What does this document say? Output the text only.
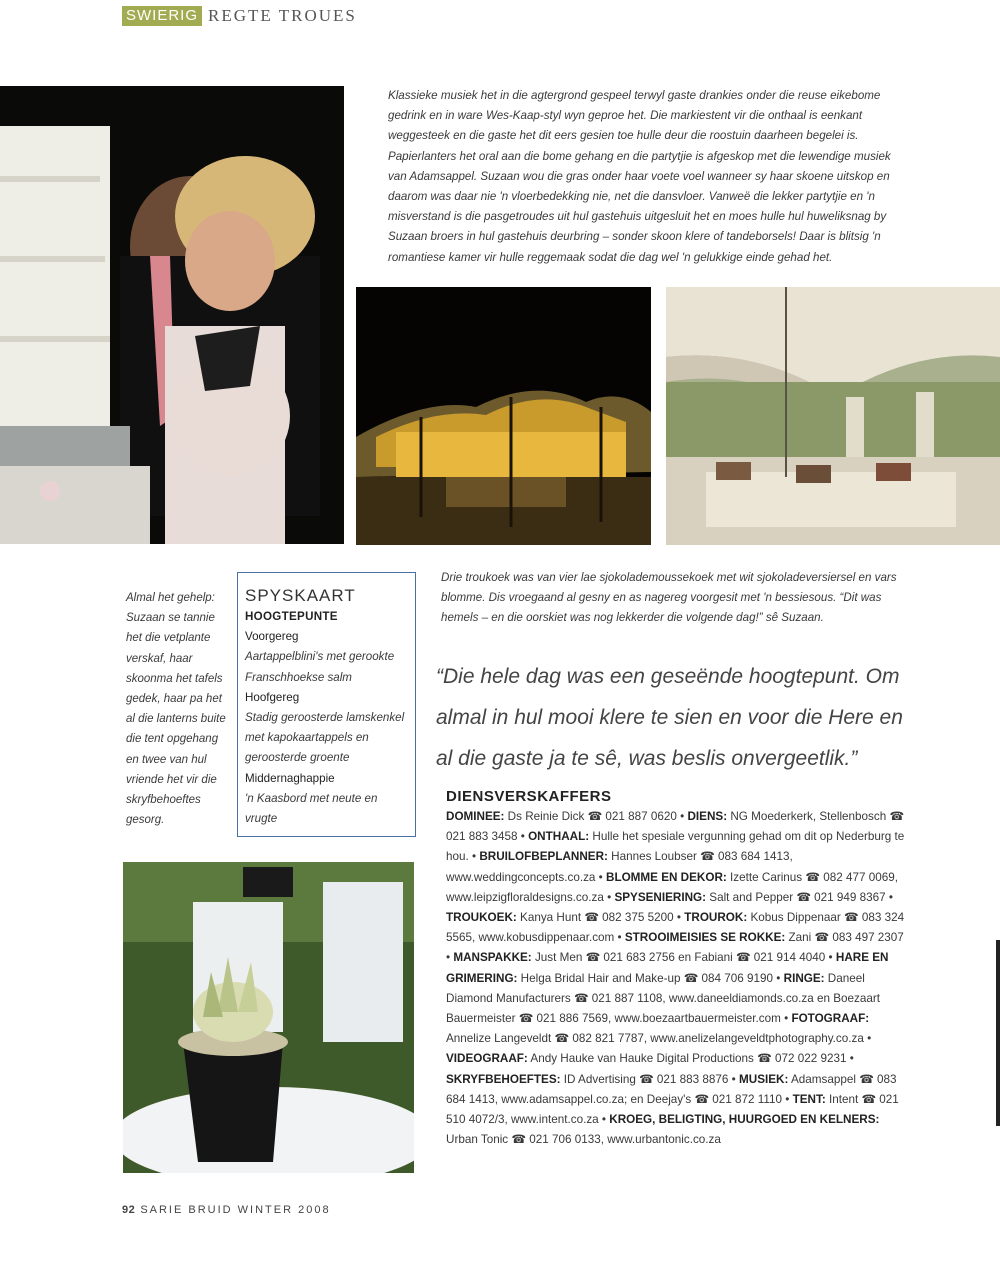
SWIERIG REGTE TROUES
Klassieke musiek het in die agtergrond gespeel terwyl gaste drankies onder die reuse eikebome gedrink en in ware Wes-Kaap-styl wyn geproe het. Die markiestent vir die onthaal is eenkant weggesteek en die gaste het dit eers gesien toe hulle deur die roostuin daarheen begelei is. Papierlanters het oral aan die bome gehang en die partytjie is afgeskop met die lewendige musiek van Adamsappel. Suzaan wou die gras onder haar voete voel wanneer sy haar skoene uitskop en daarom was daar nie 'n vloerbedekking nie, net die dansvloer. Vanweë die lekker partytjie en 'n misverstand is die pasgetroudes uit hul gastehuis uitgesluit het en moes hulle hul huweliksnag by Suzaan broers in hul gastehuis deurbring – sonder skoon klere of tandeborsels! Daar is blitsig 'n romantiese kamer vir hulle reggemaak sodat die dag wel 'n gelukkige einde gehad het.
Almal het gehelp: Suzaan se tannie het die vetplante verskaf, haar skoonma het tafels gedek, haar pa het al die lanterns buite die tent opgehang en twee van hul vriende het vir die skryfbehoeftes gesorg.
SPYSKAART
HOOGTEPUNTE
Voorgereg
Aartappelblini's met gerookte Franschhoekse salm
Hoofgereg
Stadig geroosterde lamskenkel met kapokaartappels en geroosterde groente
Middernaghappie
'n Kaasbord met neute en vrugte
Drie troukoek was van vier lae sjokolademoussekoek met wit sjokoladeversiersel en vars blomme. Dis vroegaand al gesny en as nagereg voorgesit met 'n bessiesous. “Dit was hemels – en die oorskiet was nog lekkerder die volgende dag!” sê Suzaan.
“Die hele dag was een geseënde hoogtepunt. Om almal in hul mooi klere te sien en voor die Here en al die gaste ja te sê, was beslis onvergeetlik.”
DIENSVERSKAFFERS
DOMINEE: Ds Reinie Dick ☎ 021 887 0620 • DIENS: NG Moederkerk, Stellenbosch ☎ 021 883 3458 • ONTHAAL: Hulle het spesiale vergunning gehad om dit op Nederburg te hou. • BRUILOFBEPLANNER: Hannes Loubser ☎ 083 684 1413, www.weddingconcepts.co.za • BLOMME EN DEKOR: Izette Carinus ☎ 082 477 0069, www.leipzigfloraldesigns.co.za • SPYSENIERING: Salt and Pepper ☎ 021 949 8367 • TROUKOEK: Kanya Hunt ☎ 082 375 5200 • TROUROK: Kobus Dippenaar ☎ 083 324 5565, www.kobusdippenaar.com • STROOIMEISIES SE ROKKE: Zani ☎ 083 497 2307 • MANSPAKKE: Just Men ☎ 021 683 2756 en Fabiani ☎ 021 914 4040 • HARE EN GRIMERING: Helga Bridal Hair and Make-up ☎ 084 706 9190 • RINGE: Daneel Diamond Manufacturers ☎ 021 887 1108, www.daneeldiamonds.co.za en Boezaart Bauermeister ☎ 021 886 7569, www.boezaartbauermeister.com • FOTOGRAAF: Annelize Langeveldt ☎ 082 821 7787, www.anelizelangeveldtphotography.co.za • VIDEOGRAAF: Andy Hauke van Hauke Digital Productions ☎ 072 022 9231 • SKRYFBEHOEFTES: ID Advertising ☎ 021 883 8876 • MUSIEK: Adamsappel ☎ 083 684 1413, www.adamsappel.co.za; en Deejay's ☎ 021 872 1110 • TENT: Intent ☎ 021 510 4072/3, www.intent.co.za • KROEG, BELIGTING, HUURGOED EN KELNERS: Urban Tonic ☎ 021 706 0133, www.urbantonic.co.za
92 SARIE BRUID WINTER 2008
